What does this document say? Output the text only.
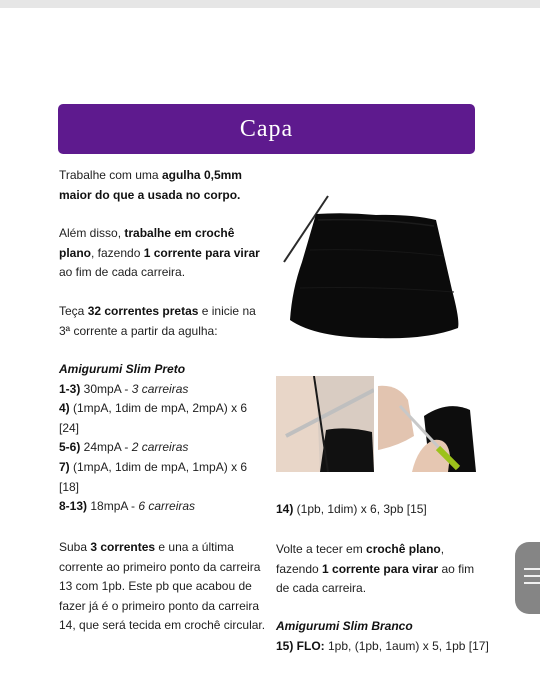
Capa
Trabalhe com uma agulha 0,5mm maior do que a usada no corpo.
Além disso, trabalhe em crochê plano, fazendo 1 corrente para virar ao fim de cada carreira.
Teça 32 correntes pretas e inicie na 3ª corrente a partir da agulha:
Amigurumi Slim Preto
1-3) 30mpA - 3 carreiras
4) (1mpA, 1dim de mpA, 2mpA) x 6 [24]
5-6) 24mpA - 2 carreiras
7) (1mpA, 1dim de mpA, 1mpA) x 6 [18]
8-13) 18mpA - 6 carreiras
Suba 3 correntes e una a última corrente ao primeiro ponto da carreira 13 com 1pb. Este pb que acabou de fazer já é o primeiro ponto da carreira 14, que será tecida em crochê circular.
14) (1pb, 1dim) x 6, 3pb [15]
Volte a tecer em crochê plano, fazendo 1 corrente para virar ao fim de cada carreira.
Amigurumi Slim Branco
15) FLO: 1pb, (1pb, 1aum) x 5, 1pb [17]
